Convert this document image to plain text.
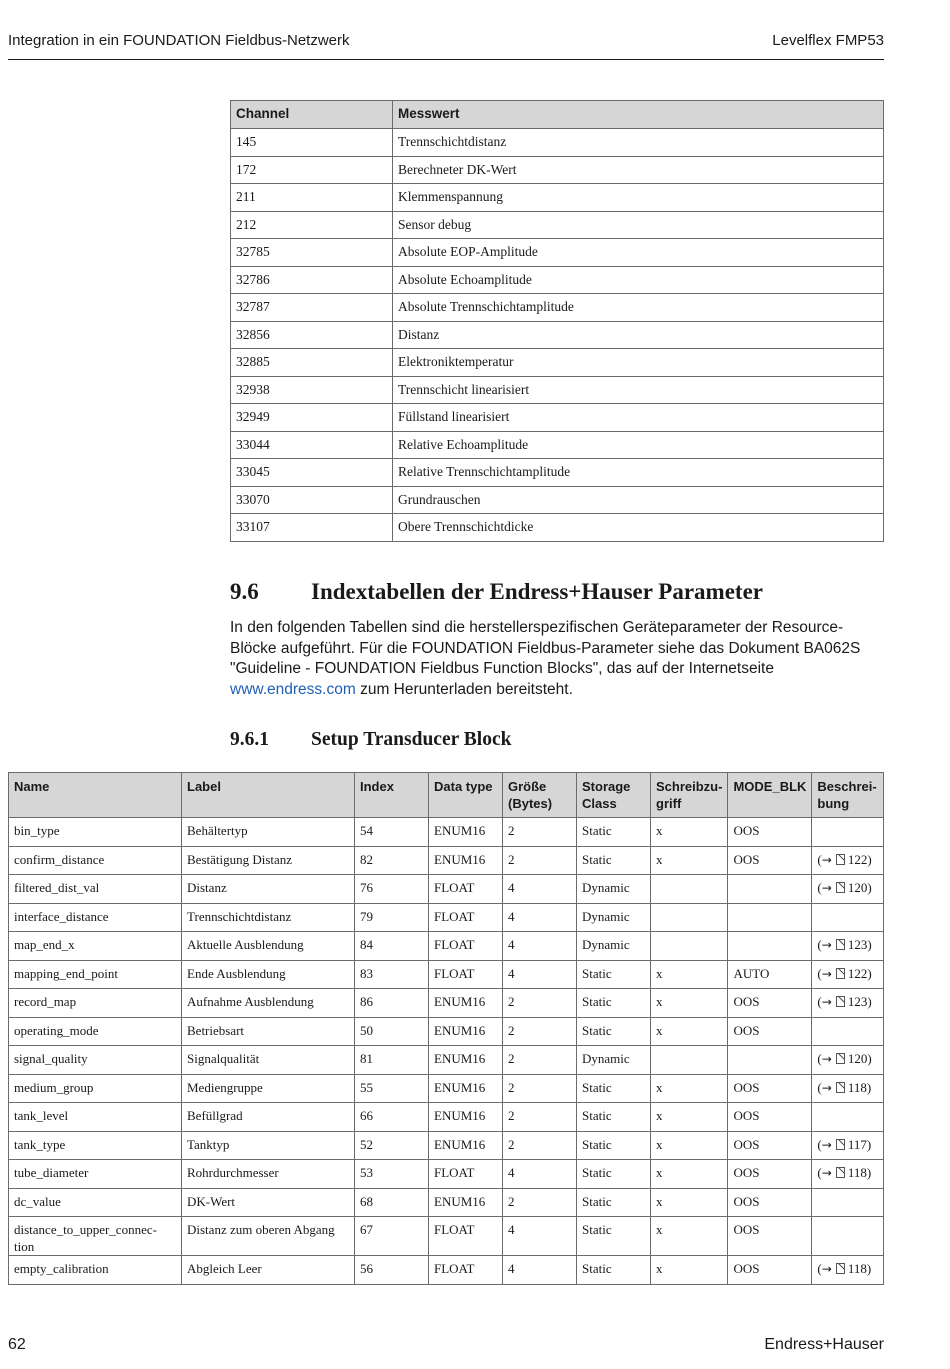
Integration in ein FOUNDATION Fieldbus-Netzwerk	Levelflex FMP53
Channel	Messwert
145	Trennschichtdistanz
172	Berechneter DK-Wert
211	Klemmenspannung
212	Sensor debug
32785	Absolute EOP-Amplitude
32786	Absolute Echoamplitude
32787	Absolute Trennschichtamplitude
32856	Distanz
32885	Elektroniktemperatur
32938	Trennschicht linearisiert
32949	Füllstand linearisiert
33044	Relative Echoamplitude
33045	Relative Trennschichtamplitude
33070	Grundrauschen
33107	Obere Trennschichtdicke
9.6 Indextabellen der Endress+Hauser Parameter

In den folgenden Tabellen sind die herstellerspezifischen Geräteparameter der Resource-Blöcke aufgeführt. Für die FOUNDATION Fieldbus-Parameter siehe das Dokument BA062S "Guideline - FOUNDATION Fieldbus Function Blocks", das auf der Internetseite www.endress.com zum Herunterladen bereitsteht.

9.6.1 Setup Transducer Block
Name	Label	Index	Data type	Größe (Bytes)	Storage Class	Schreibzu-griff	MODE_BLK	Beschrei-bung
bin_type	Behältertyp	54	ENUM16	2	Static	x	OOS	
confirm_distance	Bestätigung Distanz	82	ENUM16	2	Static	x	OOS	(→ 122)
filtered_dist_val	Distanz	76	FLOAT	4	Dynamic			(→ 120)
interface_distance	Trennschichtdistanz	79	FLOAT	4	Dynamic			
map_end_x	Aktuelle Ausblendung	84	FLOAT	4	Dynamic			(→ 123)
mapping_end_point	Ende Ausblendung	83	FLOAT	4	Static	x	AUTO	(→ 122)
record_map	Aufnahme Ausblendung	86	ENUM16	2	Static	x	OOS	(→ 123)
operating_mode	Betriebsart	50	ENUM16	2	Static	x	OOS	
signal_quality	Signalqualität	81	ENUM16	2	Dynamic			(→ 120)
medium_group	Mediengruppe	55	ENUM16	2	Static	x	OOS	(→ 118)
tank_level	Befüllgrad	66	ENUM16	2	Static	x	OOS	
tank_type	Tanktyp	52	ENUM16	2	Static	x	OOS	(→ 117)
tube_diameter	Rohrdurchmesser	53	FLOAT	4	Static	x	OOS	(→ 118)
dc_value	DK-Wert	68	ENUM16	2	Static	x	OOS	
distance_to_upper_connec-tion	Distanz zum oberen Abgang	67	FLOAT	4	Static	x	OOS	
empty_calibration	Abgleich Leer	56	FLOAT	4	Static	x	OOS	(→ 118)
62	Endress+Hauser
